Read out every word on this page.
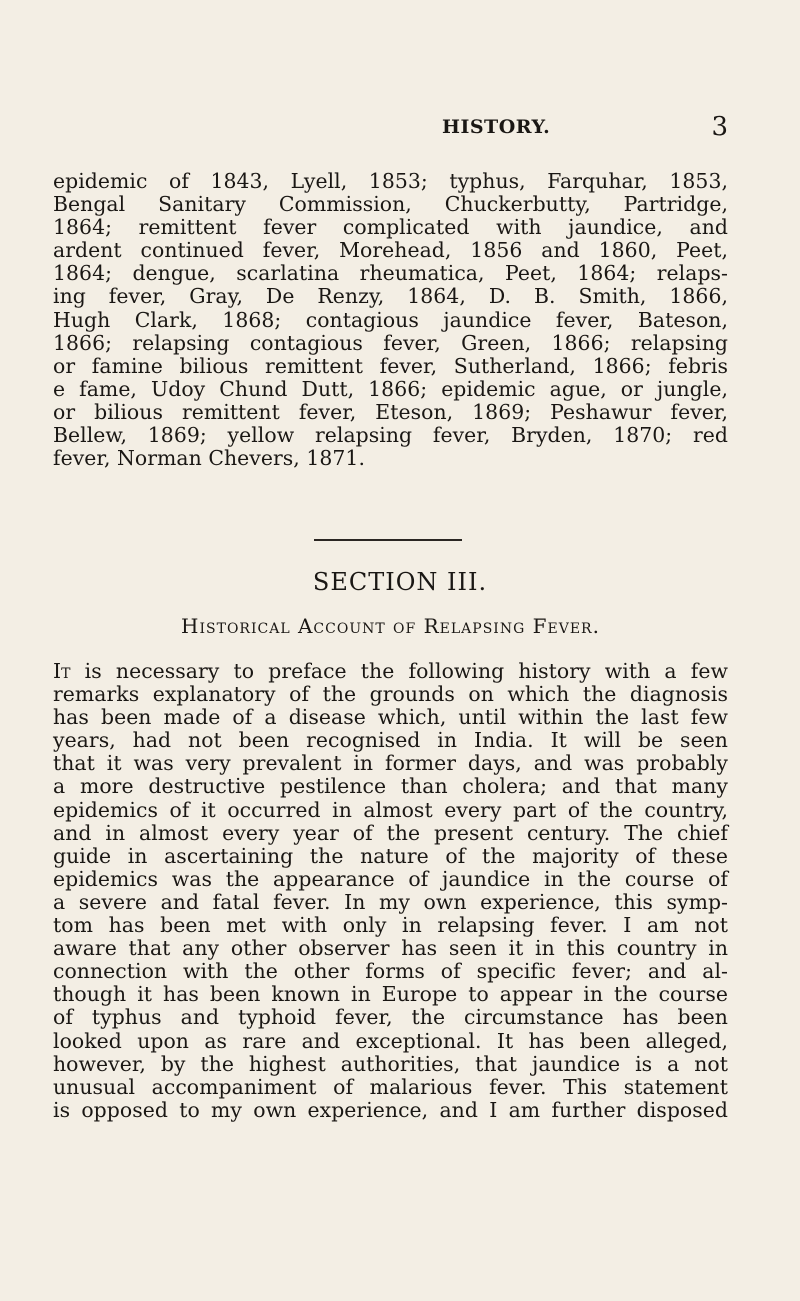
HISTORY.	3
epidemic of 1843, Lyell, 1853; typhus, Farquhar, 1853,
Bengal Sanitary Commission, Chuckerbutty, Partridge,
1864; remittent fever complicated with jaundice, and
ardent continued fever, Morehead, 1856 and 1860, Peet,
1864; dengue, scarlatina rheumatica, Peet, 1864; relaps-
ing fever, Gray, De Renzy, 1864, D. B. Smith, 1866,
Hugh Clark, 1868; contagious jaundice fever, Bateson,
1866; relapsing contagious fever, Green, 1866; relapsing
or famine bilious remittent fever, Sutherland, 1866; febris
e fame, Udoy Chund Dutt, 1866; epidemic ague, or jungle,
or bilious remittent fever, Eteson, 1869; Peshawur fever,
Bellew, 1869; yellow relapsing fever, Bryden, 1870; red
fever, Norman Chevers, 1871.
SECTION III.
Historical Account of Relapsing Fever.
It is necessary to preface the following history with a few
remarks explanatory of the grounds on which the diagnosis
has been made of a disease which, until within the last few
years, had not been recognised in India. It will be seen
that it was very prevalent in former days, and was probably
a more destructive pestilence than cholera; and that many
epidemics of it occurred in almost every part of the country,
and in almost every year of the present century. The chief
guide in ascertaining the nature of the majority of these
epidemics was the appearance of jaundice in the course of
a severe and fatal fever. In my own experience, this symp-
tom has been met with only in relapsing fever. I am not
aware that any other observer has seen it in this country in
connection with the other forms of specific fever; and al-
though it has been known in Europe to appear in the course
of typhus and typhoid fever, the circumstance has been
looked upon as rare and exceptional. It has been alleged,
however, by the highest authorities, that jaundice is a not
unusual accompaniment of malarious fever. This statement
is opposed to my own experience, and I am further disposed
